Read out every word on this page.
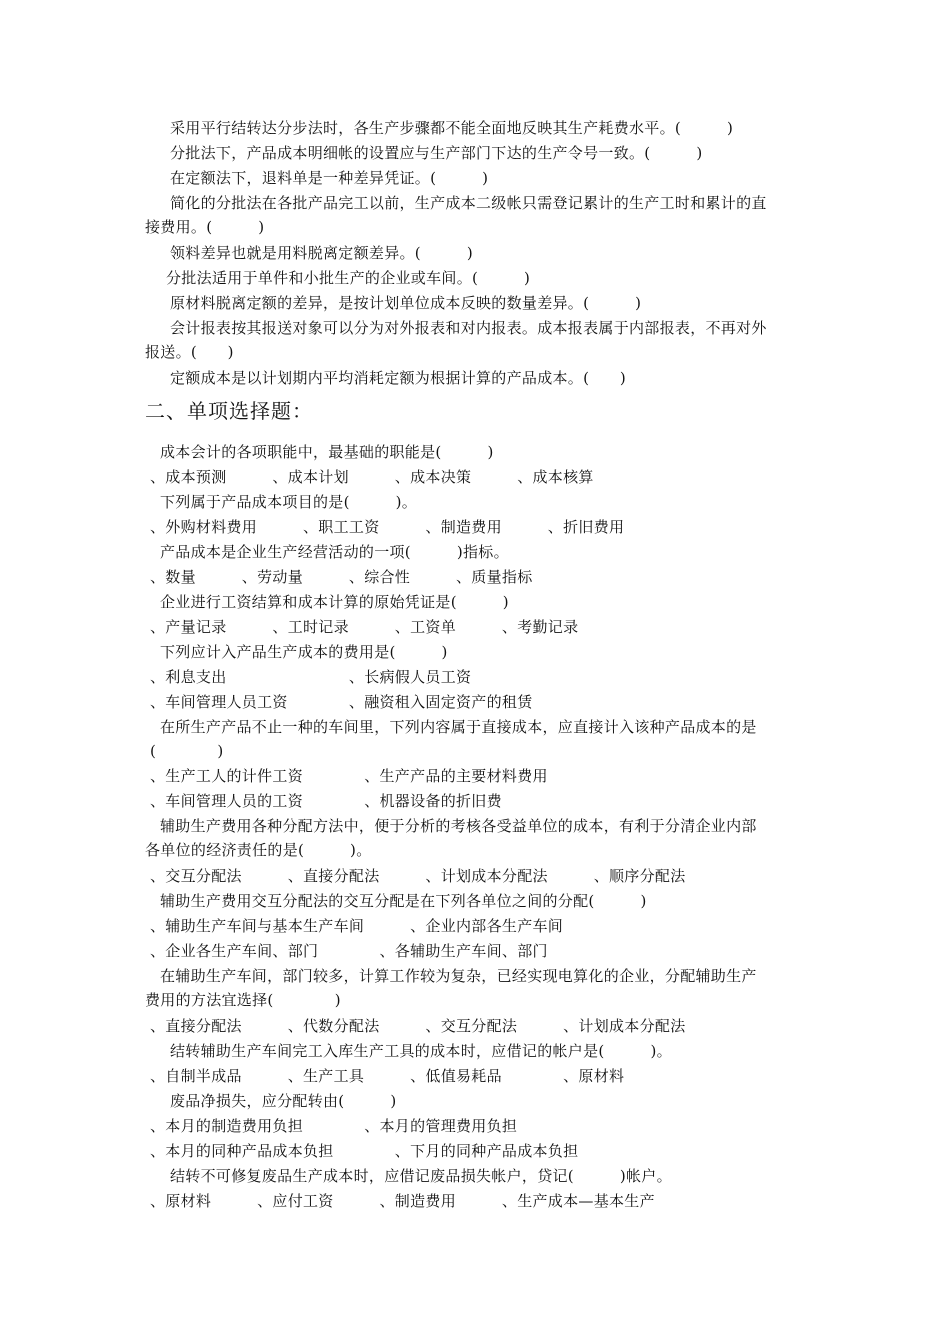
采用平行结转达分步法时，各生产步骤都不能全面地反映其生产耗费水平。(　　　)
分批法下，产品成本明细帐的设置应与生产部门下达的生产令号一致。(　　　)
在定额法下，退料单是一种差异凭证。(　　　)
简化的分批法在各批产品完工以前，生产成本二级帐只需登记累计的生产工时和累计的直
接费用。(　　　)
领料差异也就是用料脱离定额差异。(　　　)
分批法适用于单件和小批生产的企业或车间。(　　　)
原材料脱离定额的差异，是按计划单位成本反映的数量差异。(　　　)
会计报表按其报送对象可以分为对外报表和对内报表。成本报表属于内部报表，不再对外
报送。(　　)
定额成本是以计划期内平均消耗定额为根据计算的产品成本。(　　)
二、单项选择题：
成本会计的各项职能中，最基础的职能是(　　　)
、成本预测　　　、成本计划　　　、成本决策　　　、成本核算
下列属于产品成本项目的是(　　　)。
、外购材料费用　　　、职工工资　　　、制造费用　　　、折旧费用
产品成本是企业生产经营活动的一项(　　　)指标。
、数量　　　、劳动量　　　、综合性　　　、质量指标
企业进行工资结算和成本计算的原始凭证是(　　　)
、产量记录　　　、工时记录　　　、工资单　　　、考勤记录
下列应计入产品生产成本的费用是(　　　)
、利息支出　　　　　　　　、长病假人员工资
、车间管理人员工资　　　　、融资租入固定资产的租赁
在所生产产品不止一种的车间里，下列内容属于直接成本，应直接计入该种产品成本的是
(　　　　)
、生产工人的计件工资　　　　、生产产品的主要材料费用
、车间管理人员的工资　　　　、机器设备的折旧费
辅助生产费用各种分配方法中，便于分析的考核各受益单位的成本，有利于分清企业内部
各单位的经济责任的是(　　　)。
、交互分配法　　　、直接分配法　　　、计划成本分配法　　　、顺序分配法
辅助生产费用交互分配法的交互分配是在下列各单位之间的分配(　　　)
、辅助生产车间与基本生产车间　　　、企业内部各生产车间
、企业各生产车间、部门　　　　、各辅助生产车间、部门
在辅助生产车间，部门较多，计算工作较为复杂，已经实现电算化的企业，分配辅助生产
费用的方法宜选择(　　　　)
、直接分配法　　　、代数分配法　　　、交互分配法　　　、计划成本分配法
结转辅助生产车间完工入库生产工具的成本时，应借记的帐户是(　　　)。
、自制半成品　　　、生产工具　　　、低值易耗品　　　　、原材料
废品净损失，应分配转由(　　　)
、本月的制造费用负担　　　　、本月的管理费用负担
、本月的同种产品成本负担　　　　、下月的同种产品成本负担
结转不可修复废品生产成本时，应借记废品损失帐户，贷记(　　　)帐户。
、原材料　　　、应付工资　　　、制造费用　　　、生产成本—基本生产
